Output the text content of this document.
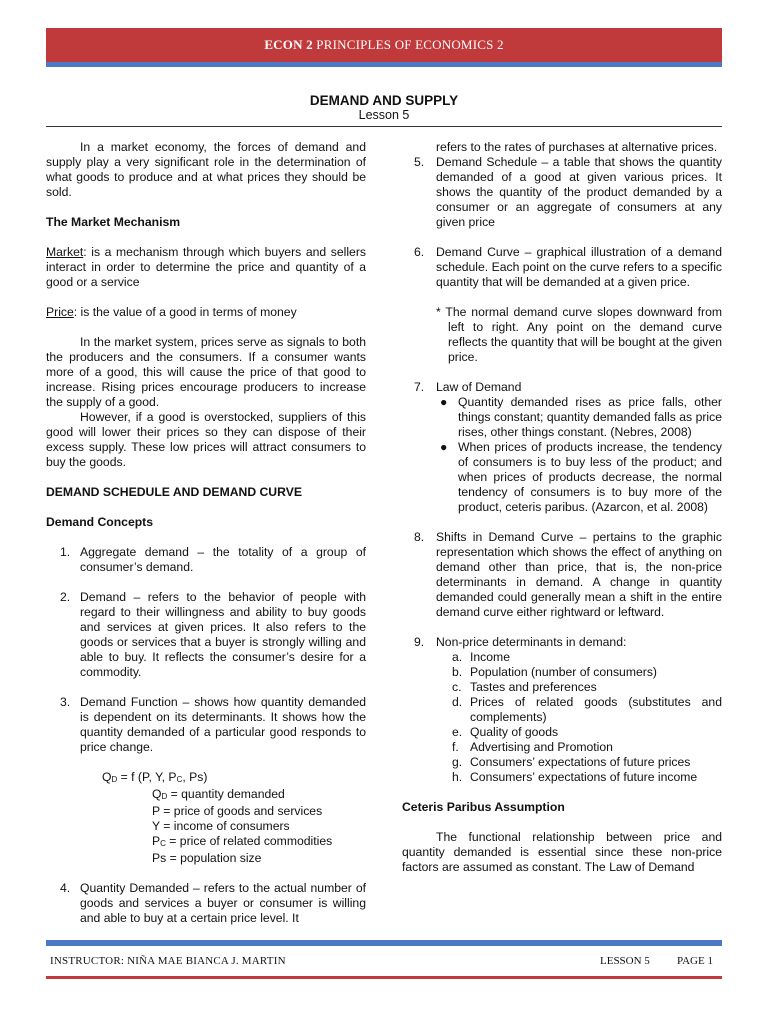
ECON 2 PRINCIPLES OF ECONOMICS 2
DEMAND AND SUPPLY
Lesson 5

In a market economy, the forces of demand and supply play a very significant role in the determination of what goods to produce and at what prices they should be sold.

The Market Mechanism

Market: is a mechanism through which buyers and sellers interact in order to determine the price and quantity of a good or a service

Price: is the value of a good in terms of money

In the market system, prices serve as signals to both the producers and the consumers. If a consumer wants more of a good, this will cause the price of that good to increase. Rising prices encourage producers to increase the supply of a good.

However, if a good is overstocked, suppliers of this good will lower their prices so they can dispose of their excess supply. These low prices will attract consumers to buy the goods.

DEMAND SCHEDULE AND DEMAND CURVE

Demand Concepts

1. Aggregate demand – the totality of a group of consumer’s demand.
2. Demand – refers to the behavior of people with regard to their willingness and ability to buy goods and services at given prices. It also refers to the goods or services that a buyer is strongly willing and able to buy. It reflects the consumer’s desire for a commodity.
3. Demand Function – shows how quantity demanded is dependent on its determinants. It shows how the quantity demanded of a particular good responds to price change.
$Q_D = f$ (P, Y, $P_C$, Ps)
$Q_D$ = quantity demanded
P = price of goods and services
Y = income of consumers
$P_C$ = price of related commodities
Ps = population size
4. Quantity Demanded – refers to the actual number of goods and services a buyer or consumer is willing and able to buy at a certain price level. It

refers to the rates of purchases at alternative prices.

5. Demand Schedule – a table that shows the quantity demanded of a good at given various prices. It shows the quantity of the product demanded by a consumer or an aggregate of consumers at any given price
6. Demand Curve – graphical illustration of a demand schedule. Each point on the curve refers to a specific quantity that will be demanded at a given price.

* The normal demand curve slopes downward from left to right. Any point on the demand curve reflects the quantity that will be bought at the given price.

7. Law of Demand
● Quantity demanded rises as price falls, other things constant; quantity demanded falls as price rises, other things constant. (Nebres, 2008)
● When prices of products increase, the tendency of consumers is to buy less of the product; and when prices of products decrease, the normal tendency of consumers is to buy more of the product, ceteris paribus. (Azarcon, et al. 2008)
8. Shifts in Demand Curve – pertains to the graphic representation which shows the effect of anything on demand other than price, that is, the non-price determinants in demand. A change in quantity demanded could generally mean a shift in the entire demand curve either rightward or leftward.
9. Non-price determinants in demand:
a. Income
b. Population (number of consumers)
c. Tastes and preferences
d. Prices of related goods (substitutes and complements)
e. Quality of goods
f. Advertising and Promotion
g. Consumers’ expectations of future prices
h. Consumers’ expectations of future income

Ceteris Paribus Assumption

The functional relationship between price and quantity demanded is essential since these non-price factors are assumed as constant. The Law of Demand

INSTRUCTOR: NIÑA MAE BIANCA J. MARTIN	LESSON 5 PAGE 1
